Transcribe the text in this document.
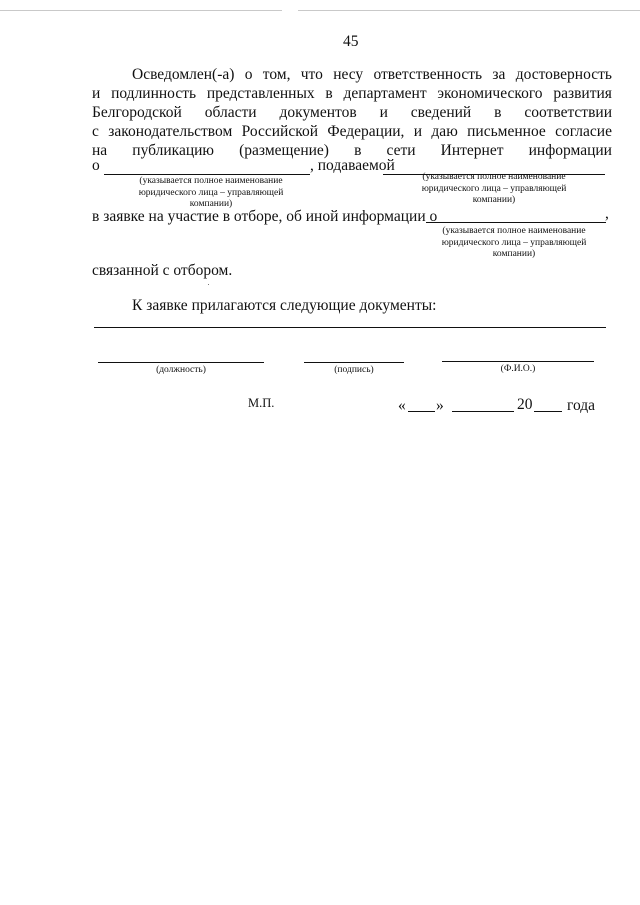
45
Осведомлен(-а) о том, что несу ответственность за достоверность
и подлинность представленных в департамент экономического развития
Белгородской области документов и сведений в соответствии
с законодательством Российской Федерации, и даю письменное согласие
на публикацию (размещение) в сети Интернет информации
о	, подаваемой
(указывается полное наименование юридического лица – управляющей компании)
(указывается полное наименование юридического лица – управляющей компании)
в заявке на участие в отборе, об иной информации о	,
(указывается полное наименование юридического лица – управляющей компании)
связанной с отбором.
К заявке прилагаются следующие документы:
(должность)	(подпись)	(Ф.И.О.)
М.П.	« »	20 года
